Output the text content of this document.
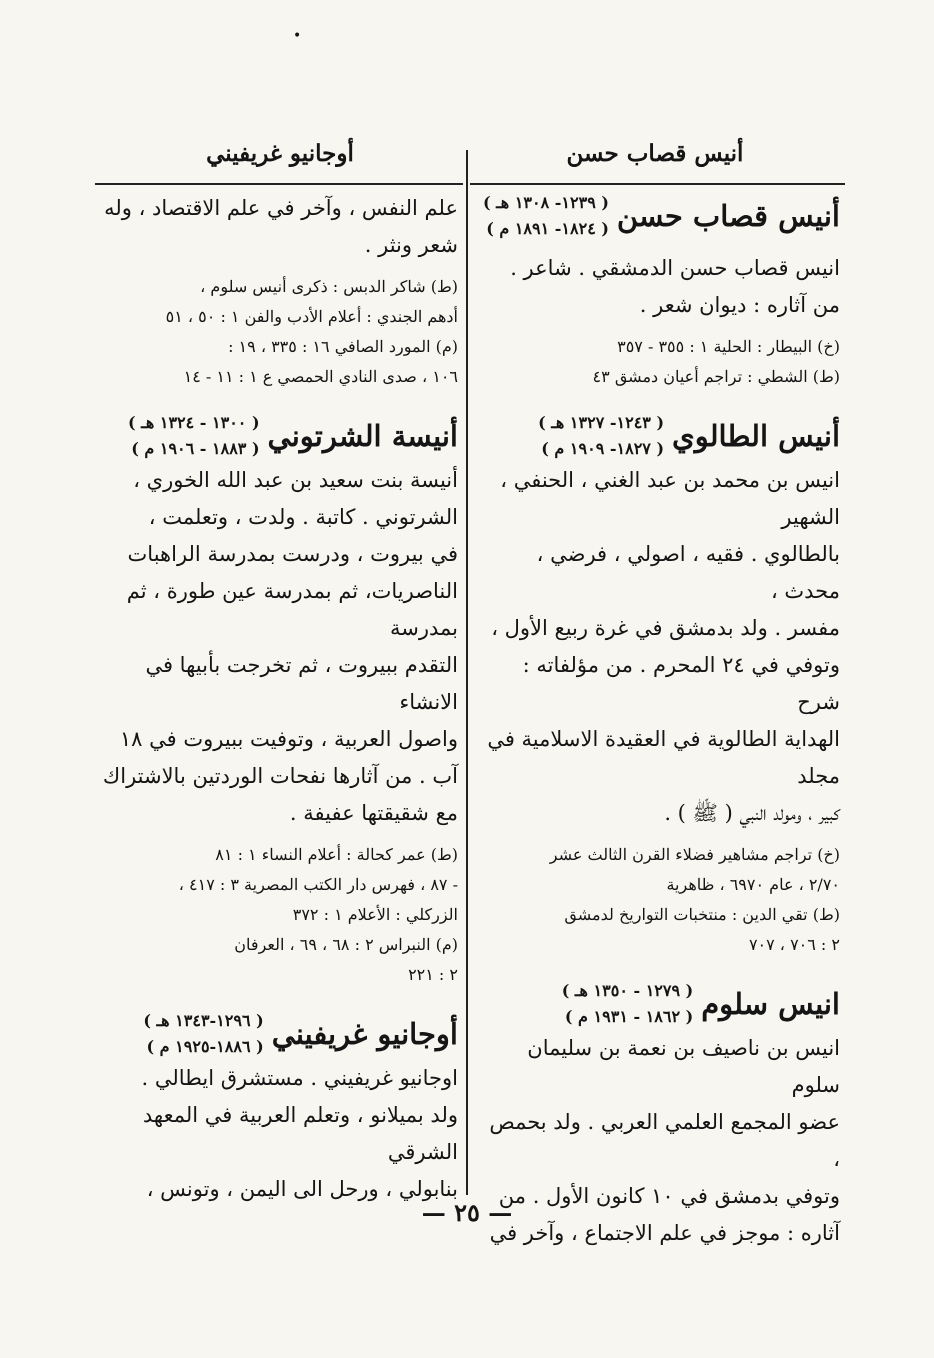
•
أنيس قصاب حسن
أوجانيو غريفيني
أنيس قصاب حسن
( ١٢٣٩- ١٣٠٨ هـ )
( ١٨٢٤- ١٨٩١ م )

انيس قصاب حسن الدمشقي . شاعر .

من آثاره : ديوان شعر .

(خ) البيطار : الحلية ١ : ٣٥٥ - ٣٥٧

(ط) الشطي : تراجم أعيان دمشق ٤٣

أنيس الطالوي
( ١٢٤٣- ١٣٢٧ هـ )
( ١٨٢٧- ١٩٠٩ م )

انيس بن محمد بن عبد الغني ، الحنفي ، الشهير

بالطالوي . فقيه ، اصولي ، فرضي ، محدث ،

مفسر . ولد بدمشق في غرة ربيع الأول ،

وتوفي في ٢٤ المحرم . من مؤلفاته : شرح

الهداية الطالوية في العقيدة الاسلامية في مجلد

كبير ، ومولد النبي ( ﷺ ) .

(خ) تراجم مشاهير فضلاء القرن الثالث عشر

٢/٧٠ ، عام ٦٩٧٠ ، ظاهرية

(ط) تقي الدين : منتخبات التواريخ لدمشق

٢ : ٧٠٦ ، ٧٠٧

انيس سلوم
( ١٢٧٩ - ١٣٥٠ هـ )
( ١٨٦٢ - ١٩٣١ م )

انيس بن ناصيف بن نعمة بن سليمان سلوم

عضو المجمع العلمي العربي . ولد بحمص ،

وتوفي بدمشق في ١٠ كانون الأول . من

آثاره : موجز في علم الاجتماع ، وآخر في

علم النفس ، وآخر في علم الاقتصاد ، وله

شعر ونثر .

(ط) شاكر الدبس : ذكرى أنيس سلوم ،

أدهم الجندي : أعلام الأدب والفن ١ : ٥٠ ، ٥١

(م) المورد الصافي ١٦ : ٣٣٥ ، ١٩ :

١٠٦ ، صدى النادي الحمصي ع ١ : ١١ - ١٤

أنيسة الشرتوني
( ١٣٠٠ - ١٣٢٤ هـ )
( ١٨٨٣ - ١٩٠٦ م )

أنيسة بنت سعيد بن عبد الله الخوري ،

الشرتوني . كاتبة . ولدت ، وتعلمت ،

في بيروت ، ودرست بمدرسة الراهبات

الناصريات، ثم بمدرسة عين طورة ، ثم بمدرسة

التقدم ببيروت ، ثم تخرجت بأبيها في الانشاء

واصول العربية ، وتوفيت ببيروت في ١٨

آب . من آثارها نفحات الوردتين بالاشتراك

مع شقيقتها عفيفة .

(ط) عمر كحالة : أعلام النساء ١ : ٨١

- ٨٧ ، فهرس دار الكتب المصرية ٣ : ٤١٧ ،

الزركلي : الأعلام ١ : ٣٧٢

(م) النبراس ٢ : ٦٨ ، ٦٩ ، العرفان

٢ : ٢٢١

أوجانيو غريفيني
( ١٢٩٦-١٣٤٣ هـ )
( ١٨٨٦-١٩٢٥ م )

اوجانيو غريفيني . مستشرق ايطالي .

ولد بميلانو ، وتعلم العربية في المعهد الشرقي

بنابولي ، ورحل الى اليمن ، وتونس ،

— ٢٥ —
